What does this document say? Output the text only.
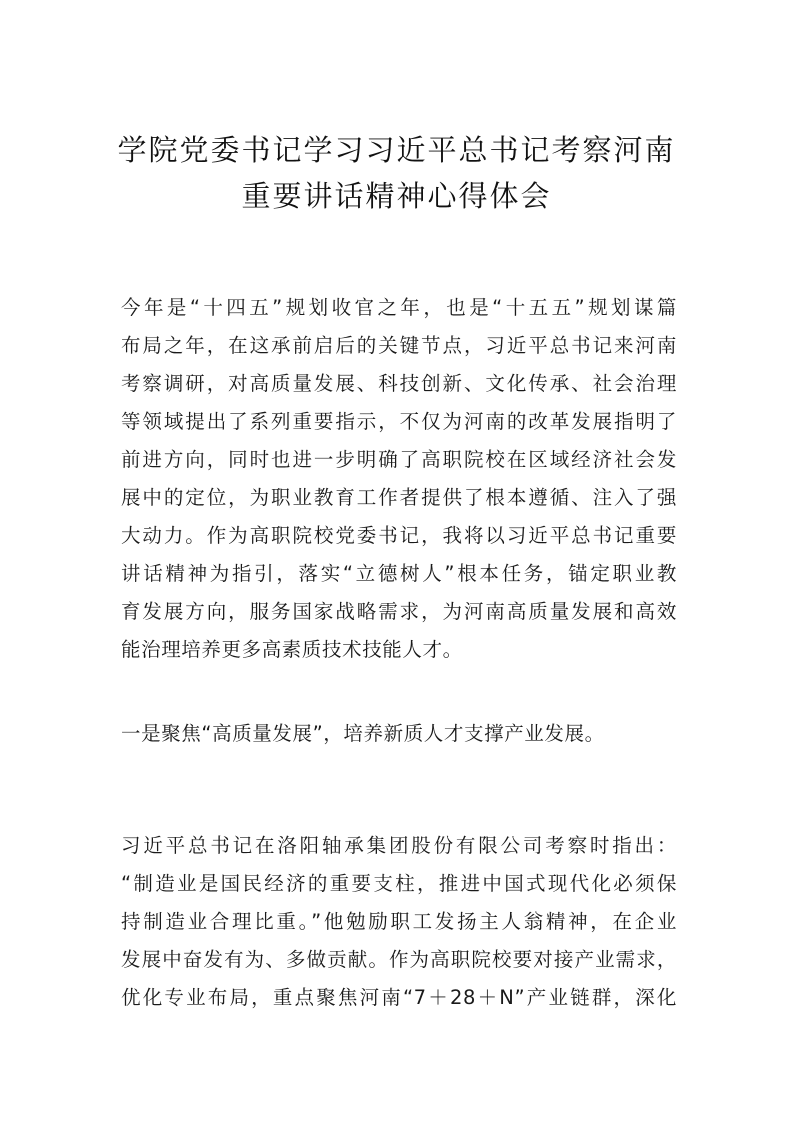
学院党委书记学习习近平总书记考察河南
重要讲话精神心得体会
今年是“十四五”规划收官之年，也是“十五五”规划谋篇
布局之年，在这承前启后的关键节点，习近平总书记来河南
考察调研，对高质量发展、科技创新、文化传承、社会治理
等领域提出了系列重要指示，不仅为河南的改革发展指明了
前进方向，同时也进一步明确了高职院校在区域经济社会发
展中的定位，为职业教育工作者提供了根本遵循、注入了强
大动力。作为高职院校党委书记，我将以习近平总书记重要
讲话精神为指引，落实“立德树人”根本任务，锚定职业教
育发展方向，服务国家战略需求，为河南高质量发展和高效
能治理培养更多高素质技术技能人才。
一是聚焦“高质量发展”，培养新质人才支撑产业发展。
习近平总书记在洛阳轴承集团股份有限公司考察时指出：
“制造业是国民经济的重要支柱，推进中国式现代化必须保
持制造业合理比重。”他勉励职工发扬主人翁精神，在企业
发展中奋发有为、多做贡献。作为高职院校要对接产业需求，
优化专业布局，重点聚焦河南“7＋28＋N”产业链群，深化
